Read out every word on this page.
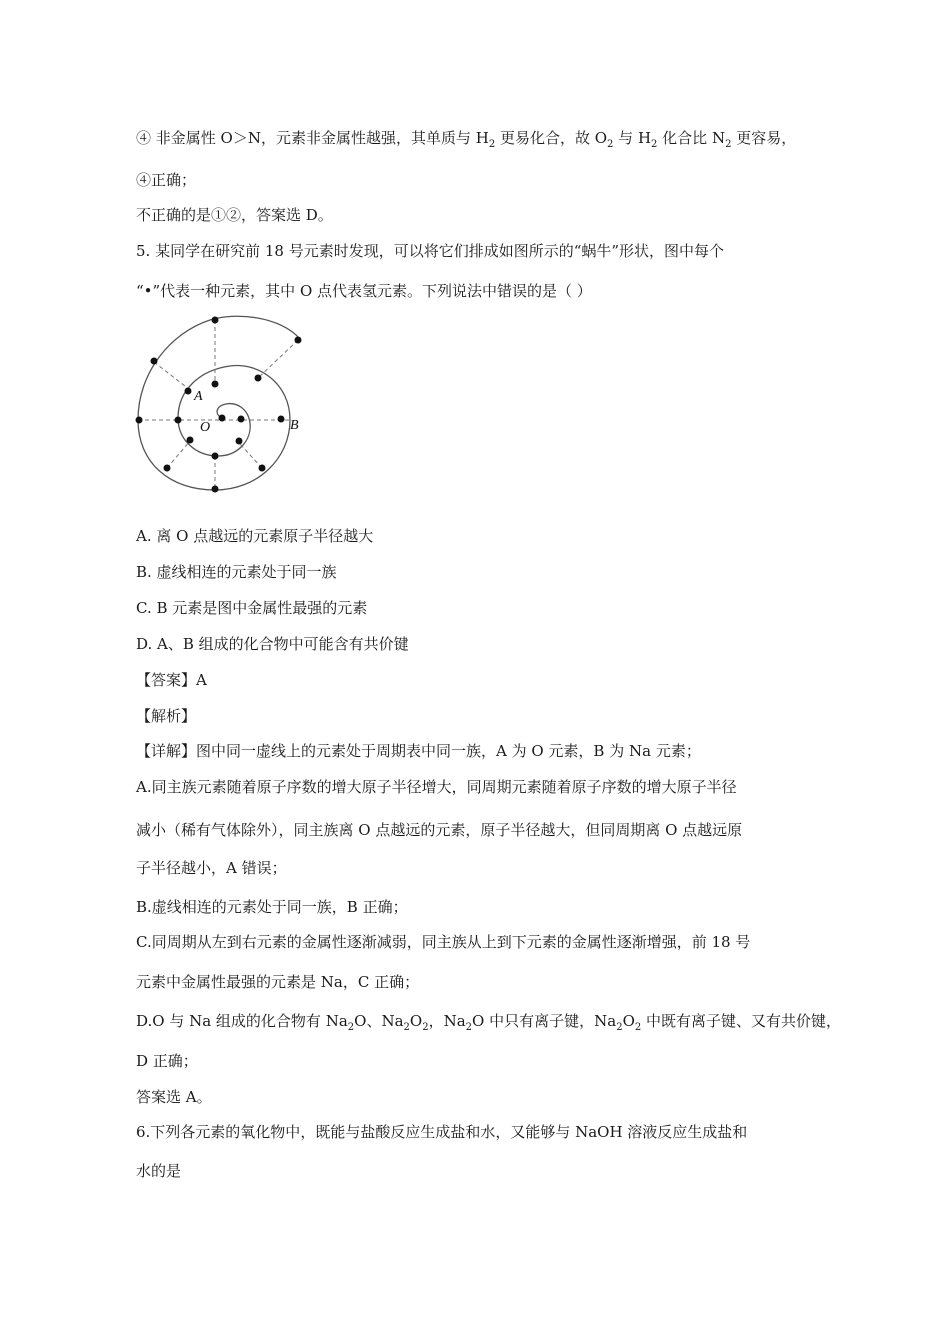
④ 非金属性 O＞N，元素非金属性越强，其单质与 $H_2$ 更易化合，故 $O_2$ 与 $H_2$ 化合比 $N_2$ 更容易，
④正确；
不正确的是①②，答案选 D。
5. 某同学在研究前 18 号元素时发现，可以将它们排成如图所示的“蜗牛”形状，图中每个
“•”代表一种元素，其中 O 点代表氢元素。下列说法中错误的是（ ）
A
O	B
A. 离 O 点越远的元素原子半径越大
B. 虚线相连的元素处于同一族
C. B 元素是图中金属性最强的元素
D. A、B 组成的化合物中可能含有共价键
【答案】A
【解析】
【详解】图中同一虚线上的元素处于周期表中同一族，A 为 O 元素，B 为 Na 元素；
A.同主族元素随着原子序数的增大原子半径增大，同周期元素随着原子序数的增大原子半径
减小（稀有气体除外），同主族离 O 点越远的元素，原子半径越大，但同周期离 O 点越远原
子半径越小，A 错误；
B.虚线相连的元素处于同一族，B 正确；
C.同周期从左到右元素的金属性逐渐减弱，同主族从上到下元素的金属性逐渐增强，前 18 号
元素中金属性最强的元素是 Na，C 正确；
D.O 与 Na 组成的化合物有 $Na_2O$、$Na_2O_2$，$Na_2O$ 中只有离子键，$Na_2O_2$ 中既有离子键、又有共价键，
D 正确；
答案选 A。
6.下列各元素的氧化物中，既能与盐酸反应生成盐和水，又能够与 NaOH 溶液反应生成盐和
水的是
